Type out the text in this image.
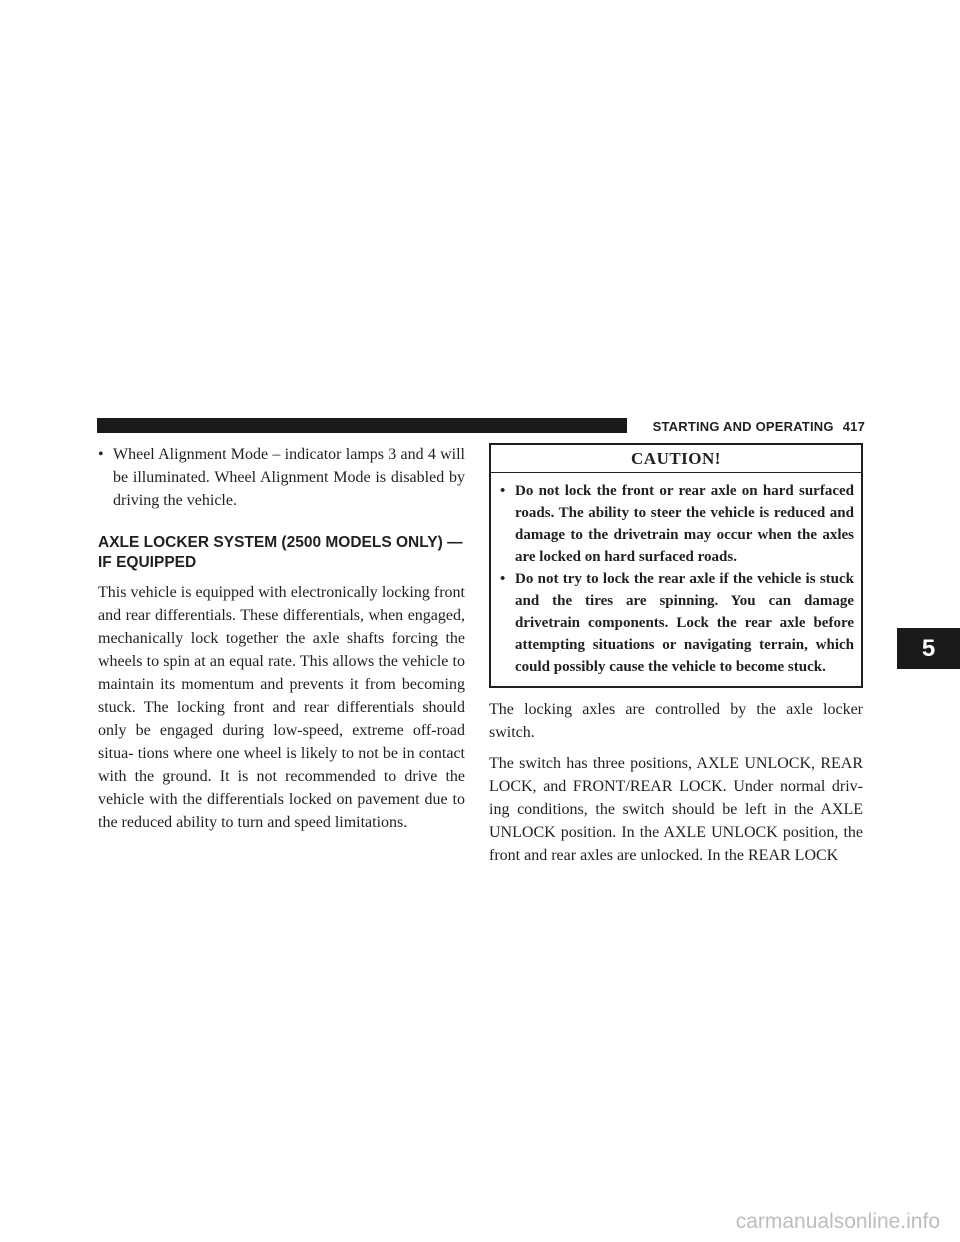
STARTING AND OPERATING 417
• Wheel Alignment Mode – indicator lamps 3 and 4 will be illuminated. Wheel Alignment Mode is disabled by driving the vehicle.
AXLE LOCKER SYSTEM (2500 MODELS ONLY) —
IF EQUIPPED

This vehicle is equipped with electronically locking front and rear differentials. These differentials, when engaged, mechanically lock together the axle shafts forcing the wheels to spin at an equal rate. This allows the vehicle to maintain its momentum and prevents it from becoming stuck. The locking front and rear differentials should only be engaged during low-speed, extreme off-road situa- tions where one wheel is likely to not be in contact with the ground. It is not recommended to drive the vehicle with the differentials locked on pavement due to the reduced ability to turn and speed limitations.

CAUTION!
• Do not lock the front or rear axle on hard surfaced roads. The ability to steer the vehicle is reduced and damage to the drivetrain may occur when the axles are locked on hard surfaced roads.
• Do not try to lock the rear axle if the vehicle is stuck and the tires are spinning. You can damage drivetrain components. Lock the rear axle before attempting situations or navigating terrain, which could possibly cause the vehicle to become stuck.

The locking axles are controlled by the axle locker switch.

The switch has three positions, AXLE UNLOCK, REAR LOCK, and FRONT/REAR LOCK. Under normal driv- ing conditions, the switch should be left in the AXLE UNLOCK position. In the AXLE UNLOCK position, the front and rear axles are unlocked. In the REAR LOCK

5
carmanualsonline.info
